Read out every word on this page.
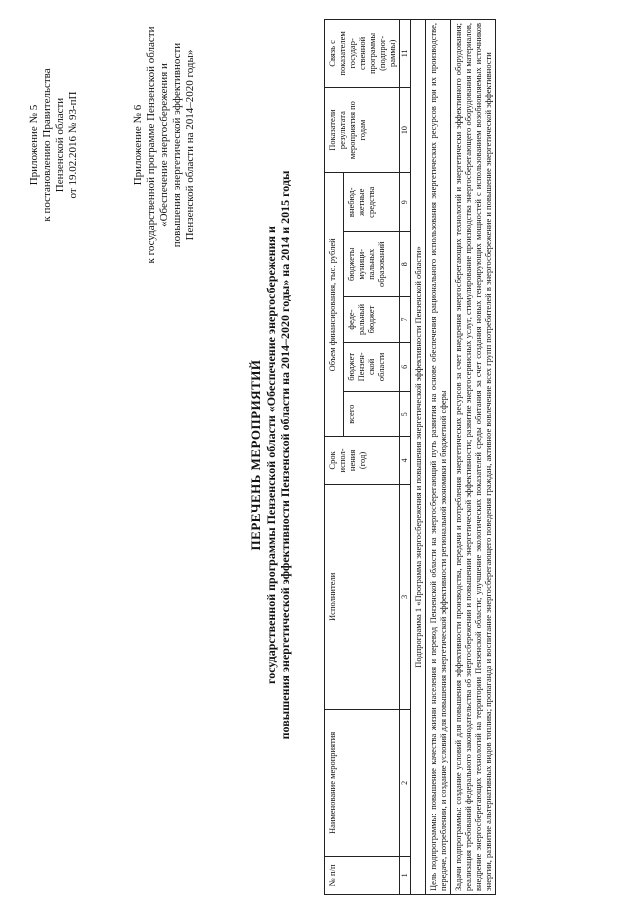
Приложение № 5 к постановлению Правительства Пензенской области от 19.02.2016 № 93-пП	Приложение № 6 к государственной программе Пензенской области «Обеспечение энергосбережения и повышения энергетической эффективности Пензенской области на 2014–2020 годы»
ПЕРЕЧЕНЬ МЕРОПРИЯТИЙ государственной программы Пензенской области «Обеспечение энергосбережения и повышения энергетической эффективности Пензенской области на 2014–2020 годы» на 2014 и 2015 годы
№ п/п	Наименование мероприятия	Исполнители	Срок испол-нения (год)	Объем финансирования, тыс. рублей					Показатели результата мероприятия по годам	Связь с показателем государ-ственной программы (подпрог-раммы)
				всего	бюджет Пензен-ской области	феде-ральный бюджет	бюджеты муници-пальных образований	внебюд-жетные средства		
1	2	3	4	5	6	7	8	9	10	11
Подпрограмма 1 «Программа энергосбережения и повышения энергетической эффективности Пензенской области»										
Цель подпрограммы: повышение качества жизни населения и перевод Пензенской области на энергосберегающий путь развития на основе обеспечения рационального использования энергетических ресурсов при их производстве, передаче, потреблении, и создание условий для повышения энергетической эффективности региональной экономики и бюджетной сферы										
Задачи подпрограммы: создание условий для повышения эффективности производства, передачи и потребления энергетических ресурсов за счет внедрения энергосберегающих технологий и энергетически эффективного оборудования; реализация требований федерального законодательства об энергосбережении и повышении энергетической эффективности; развитие энергосервисных услуг, стимулирование производства энергосберегающего оборудования и материалов, внедрение энергосберегающих технологий на территории Пензенской области; улучшение экологических показателей среды обитания за счет создания новых генерирующих мощностей с использованием возобновляемых источников энергии, развитие альтернативных видов топлива; пропаганда и воспитание энергосберегающего поведения граждан, активное вовлечение всех групп потребителей в энергосбережение и повышение энергетической эффективности										
